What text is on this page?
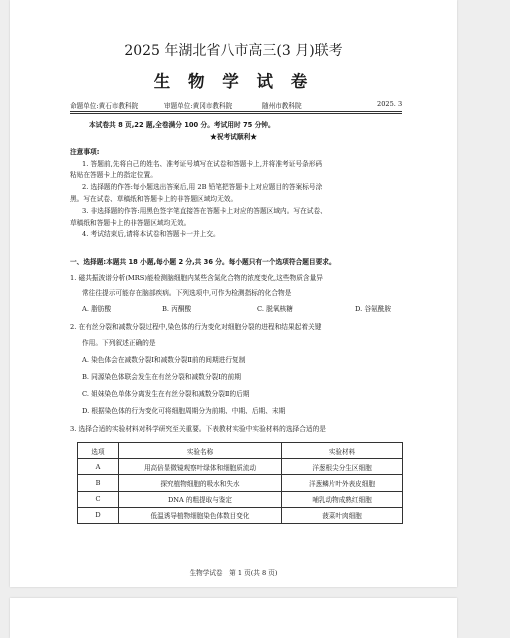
2025 年湖北省八市高三(3 月)联考
生 物 学 试 卷
命题单位:黄石市教科院	审题单位:黄冈市教科院	随州市教科院	2025. 3
本试卷共 8 页,22 题,全卷满分 100 分。考试用时 75 分钟。
★祝考试顺利★
注意事项:
1. 答题前,先将自己的姓名、准考证号填写在试卷和答题卡上,并将准考证号条形码
粘贴在答题卡上的指定位置。
2. 选择题的作答:每小题选出答案后,用 2B 铅笔把答题卡上对应题目的答案标号涂
黑。写在试卷、草稿纸和答题卡上的非答题区域均无效。
3. 非选择题的作答:用黑色签字笔直接答在答题卡上对应的答题区域内。写在试卷、
草稿纸和答题卡上的非答题区域均无效。
4. 考试结束后,请将本试卷和答题卡一并上交。
一、选择题:本题共 18 小题,每小题 2 分,共 36 分。每小题只有一个选项符合题目要求。
1. 磁共振波谱分析(MRS)能检测脑细胞内某些含氮化合物的浓度变化,这些物质含量异
常往往提示可能存在脑部疾病。下列选项中,可作为检测指标的化合物是
A. 脂肪酸	B. 丙酮酸	C. 脱氧核糖	D. 谷氨酰胺
2. 在有丝分裂和减数分裂过程中,染色体的行为变化对细胞分裂的进程和结果起着关键
作用。下列叙述正确的是
A. 染色体会在减数分裂Ⅰ和减数分裂Ⅱ前的间期进行复制
B. 同源染色体联会发生在有丝分裂和减数分裂Ⅰ的前期
C. 姐妹染色单体分离发生在有丝分裂和减数分裂Ⅱ的后期
D. 根据染色体的行为变化可将细胞周期分为前期、中期、后期、末期
3. 选择合适的实验材料对科学研究至关重要。下表教材实验中实验材料的选择合适的是
选项	实验名称	实验材料
A	用高倍显微镜观察叶绿体和细胞质流动	洋葱根尖分生区细胞
B	探究植物细胞的吸水和失水	洋葱鳞片叶外表皮细胞
C	DNA 的粗提取与鉴定	哺乳动物成熟红细胞
D	低温诱导植物细胞染色体数目变化	菠菜叶肉细胞
生物学试卷　第 1 页(共 8 页)
